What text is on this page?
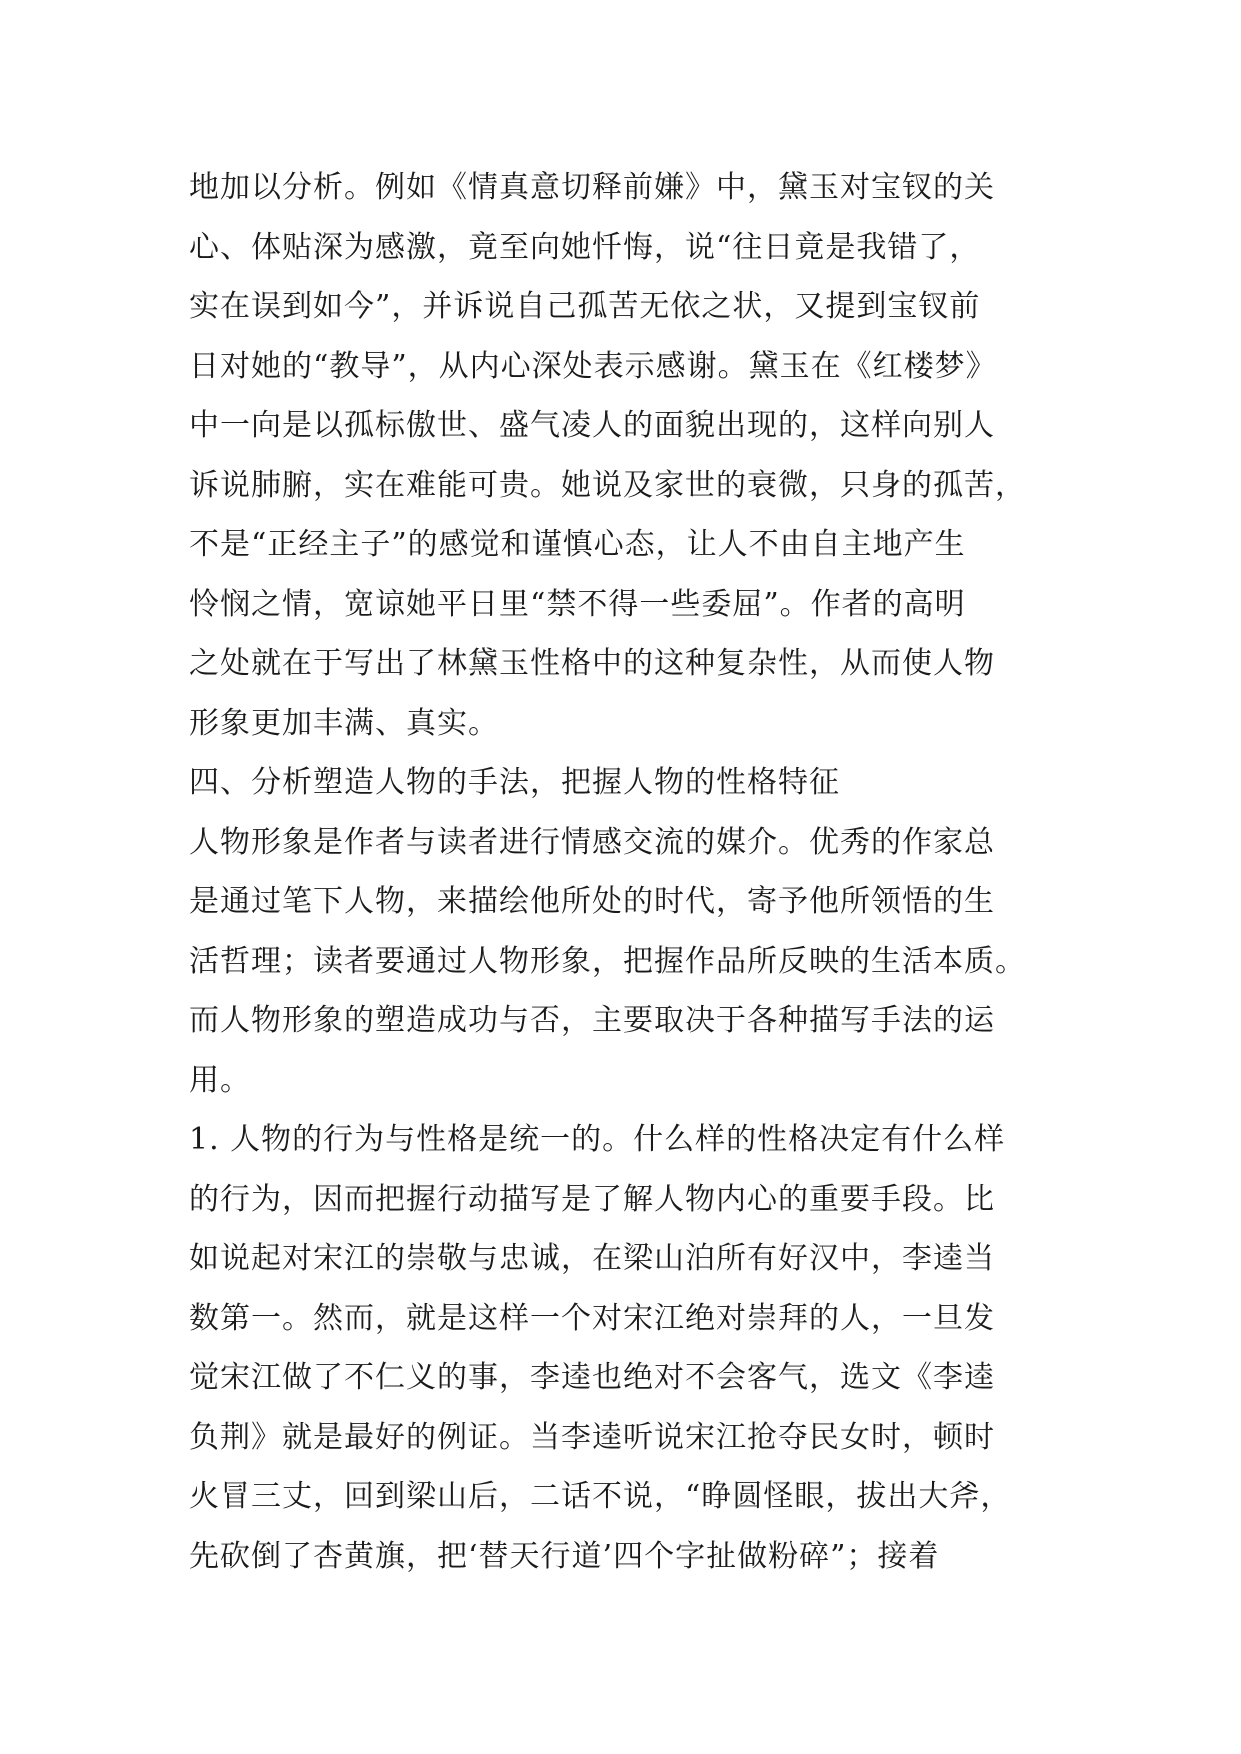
地加以分析。例如《情真意切释前嫌》中，黛玉对宝钗的关
心、体贴深为感激，竟至向她忏悔，说“往日竟是我错了，
实在误到如今”，并诉说自己孤苦无依之状，又提到宝钗前
日对她的“教导”，从内心深处表示感谢。黛玉在《红楼梦》
中一向是以孤标傲世、盛气凌人的面貌出现的，这样向别人
诉说肺腑，实在难能可贵。她说及家世的衰微，只身的孤苦，
不是“正经主子”的感觉和谨慎心态，让人不由自主地产生
怜悯之情，宽谅她平日里“禁不得一些委屈”。作者的高明
之处就在于写出了林黛玉性格中的这种复杂性，从而使人物
形象更加丰满、真实。
四、分析塑造人物的手法，把握人物的性格特征
人物形象是作者与读者进行情感交流的媒介。优秀的作家总
是通过笔下人物，来描绘他所处的时代，寄予他所领悟的生
活哲理；读者要通过人物形象，把握作品所反映的生活本质。
而人物形象的塑造成功与否，主要取决于各种描写手法的运
用。
1. 人物的行为与性格是统一的。什么样的性格决定有什么样
的行为，因而把握行动描写是了解人物内心的重要手段。比
如说起对宋江的崇敬与忠诚，在梁山泊所有好汉中，李逵当
数第一。然而，就是这样一个对宋江绝对崇拜的人，一旦发
觉宋江做了不仁义的事，李逵也绝对不会客气，选文《李逵
负荆》就是最好的例证。当李逵听说宋江抢夺民女时，顿时
火冒三丈，回到梁山后，二话不说，“睁圆怪眼，拔出大斧，
先砍倒了杏黄旗，把‘替天行道’四个字扯做粉碎”；接着
